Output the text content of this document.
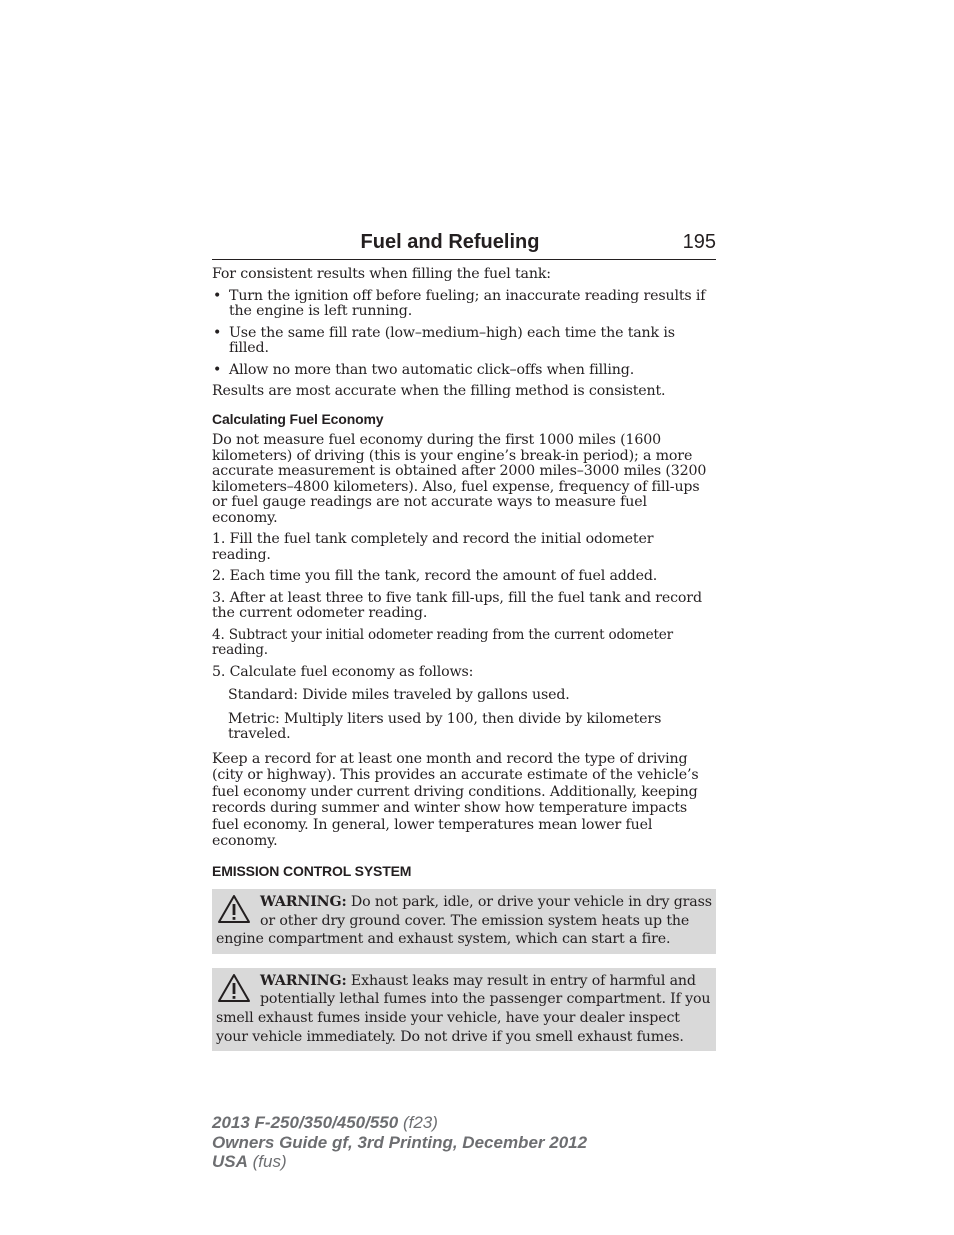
Fuel and Refueling	195

For consistent results when filling the fuel tank:

• Turn the ignition off before fueling; an inaccurate reading results if the engine is left running.
• Use the same fill rate (low–medium–high) each time the tank is filled.
• Allow no more than two automatic click–offs when filling.

Results are most accurate when the filling method is consistent.

Calculating Fuel Economy

Do not measure fuel economy during the first 1000 miles (1600 kilometers) of driving (this is your engine’s break-in period); a more accurate measurement is obtained after 2000 miles–3000 miles (3200 kilometers–4800 kilometers). Also, fuel expense, frequency of fill-ups or fuel gauge readings are not accurate ways to measure fuel economy.

1. Fill the fuel tank completely and record the initial odometer reading.

2. Each time you fill the tank, record the amount of fuel added.

3. After at least three to five tank fill-ups, fill the fuel tank and record the current odometer reading.

4. Subtract your initial odometer reading from the current odometer reading.

5. Calculate fuel economy as follows:

Standard: Divide miles traveled by gallons used.

Metric: Multiply liters used by 100, then divide by kilometers traveled.

Keep a record for at least one month and record the type of driving (city or highway). This provides an accurate estimate of the vehicle’s fuel economy under current driving conditions. Additionally, keeping records during summer and winter show how temperature impacts fuel economy. In general, lower temperatures mean lower fuel economy.

EMISSION CONTROL SYSTEM
WARNING: Do not park, idle, or drive your vehicle in dry grass or other dry ground cover. The emission system heats up the engine compartment and exhaust system, which can start a fire.
WARNING: Exhaust leaks may result in entry of harmful and potentially lethal fumes into the passenger compartment. If you smell exhaust fumes inside your vehicle, have your dealer inspect your vehicle immediately. Do not drive if you smell exhaust fumes.
2013 F-250/350/450/550 (f23)
Owners Guide gf, 3rd Printing, December 2012
USA (fus)
